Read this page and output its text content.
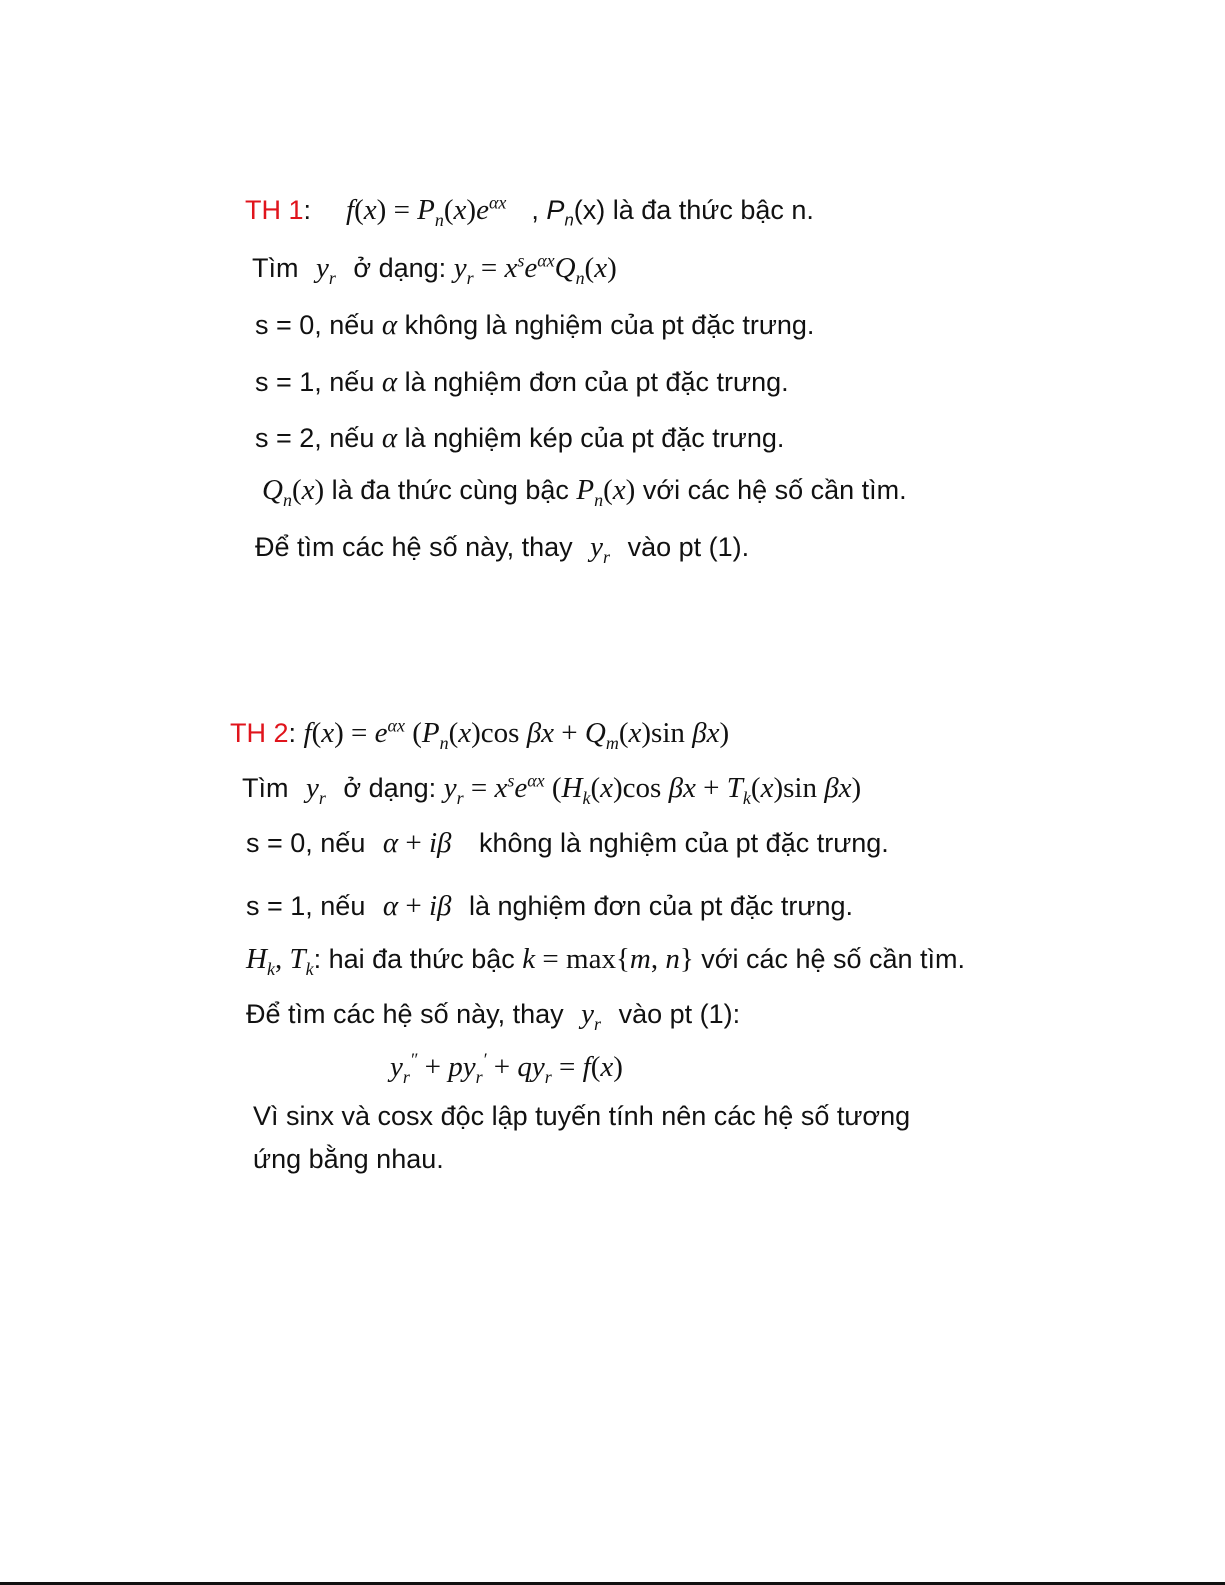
TH 1:  $f(x) = P_n(x)e^{\alpha x}$  , $P_n(x)$ là đa thức bậc n.
Tìm $y_r$ ở dạng: $y_r = x^se^{\alpha x}Q_n(x)$
s = 0, nếu α không là nghiệm của pt đặc trưng.
s = 1, nếu α là nghiệm đơn của pt đặc trưng.
s = 2, nếu α là nghiệm kép của pt đặc trưng.
$Q_n(x)$ là đa thức cùng bậc $P_n(x)$ với các hệ số cần tìm.
Để tìm các hệ số này, thay $y_r$ vào pt (1).
TH 2: $f(x) = e^{\alpha x}$ ($P_n(x)\cos$ $\beta x + Q_m(x)\sin$ βx)
Tìm $y_r$ ở dạng: $y_r = x^se^{\alpha x}$ ($H_k(x)\cos$ $\beta x + T_k(x)\sin$ βx)
s = 0, nếu α + iβ không là nghiệm của pt đặc trưng.
s = 1, nếu α + iβ là nghiệm đơn của pt đặc trưng.
$H_k$, $T_k$: hai đa thức bậc k = max{m, n} với các hệ số cần tìm.
Để tìm các hệ số này, thay $y_r$ vào pt (1):
$y_r'' + py_r' + qy_r = f(x)$
Vì sinx và cosx độc lập tuyến tính nên các hệ số tương
ứng bằng nhau.
